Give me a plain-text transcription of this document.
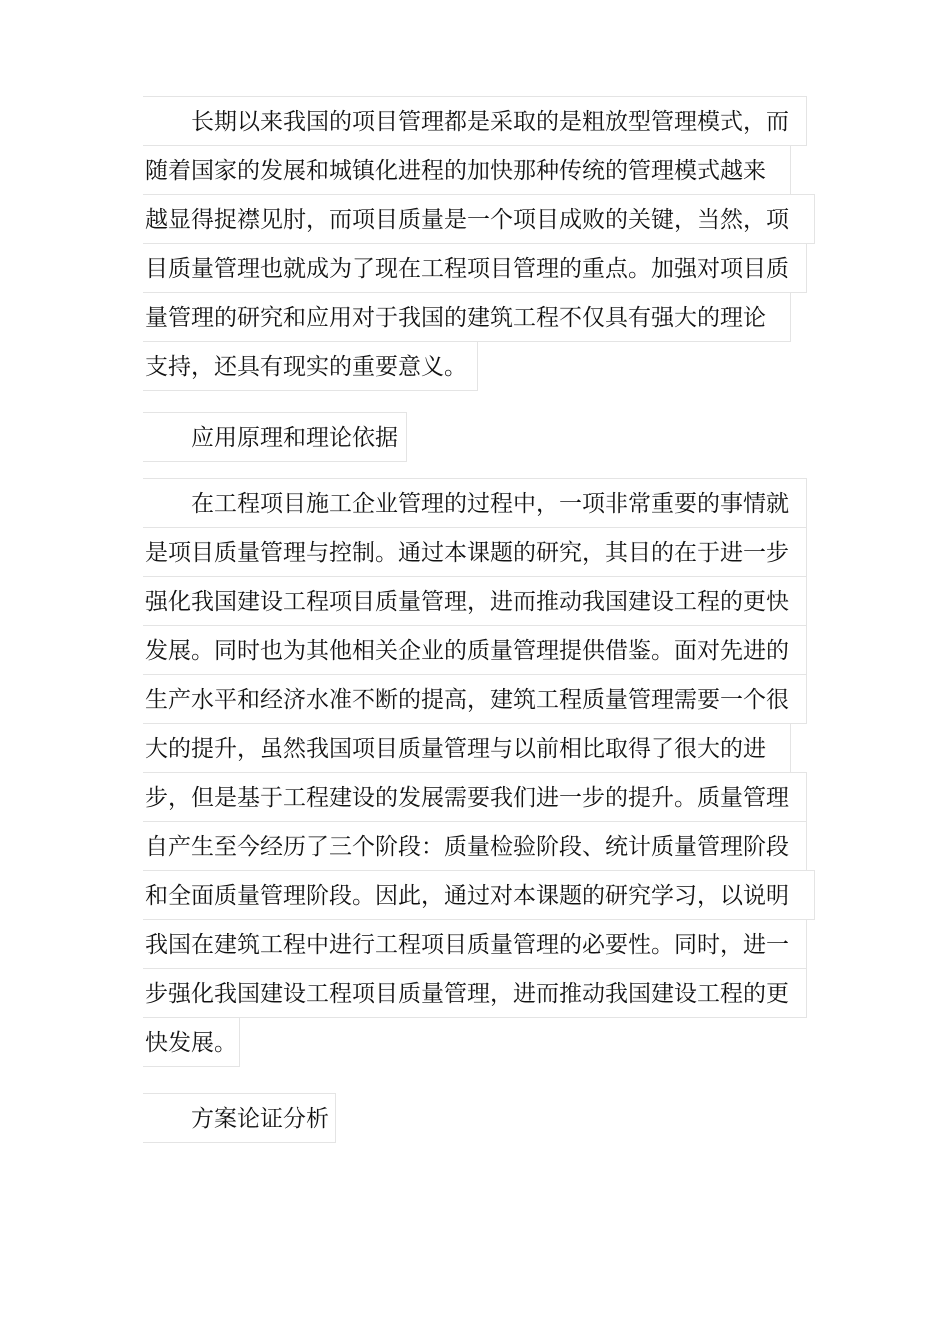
长期以来我国的项目管理都是采取的是粗放型管理模式，而
随着国家的发展和城镇化进程的加快那种传统的管理模式越来
越显得捉襟见肘，而项目质量是一个项目成败的关键，当然，项
目质量管理也就成为了现在工程项目管理的重点。加强对项目质
量管理的研究和应用对于我国的建筑工程不仅具有强大的理论
支持，还具有现实的重要意义。
应用原理和理论依据
在工程项目施工企业管理的过程中，一项非常重要的事情就
是项目质量管理与控制。通过本课题的研究，其目的在于进一步
强化我国建设工程项目质量管理，进而推动我国建设工程的更快
发展。同时也为其他相关企业的质量管理提供借鉴。面对先进的
生产水平和经济水准不断的提高，建筑工程质量管理需要一个很
大的提升，虽然我国项目质量管理与以前相比取得了很大的进
步，但是基于工程建设的发展需要我们进一步的提升。质量管理
自产生至今经历了三个阶段：质量检验阶段、统计质量管理阶段
和全面质量管理阶段。因此，通过对本课题的研究学习，以说明
我国在建筑工程中进行工程项目质量管理的必要性。同时，进一
步强化我国建设工程项目质量管理，进而推动我国建设工程的更
快发展。
方案论证分析
